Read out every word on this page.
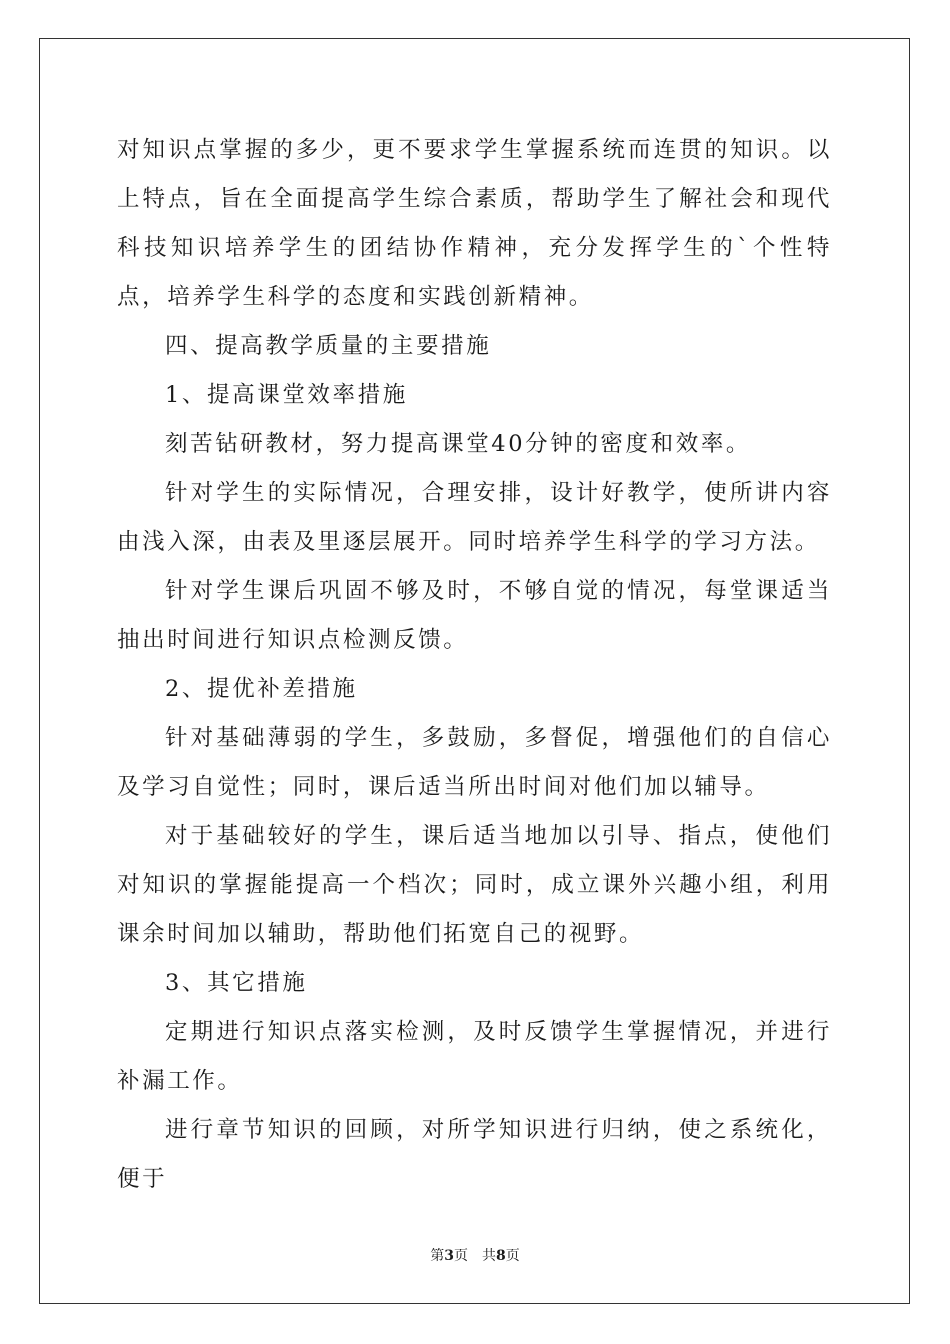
对知识点掌握的多少，更不要求学生掌握系统而连贯的知识。以上特点，旨在全面提高学生综合素质，帮助学生了解社会和现代科技知识培养学生的团结协作精神，充分发挥学生的`个性特点，培养学生科学的态度和实践创新精神。

四、提高教学质量的主要措施

1、提高课堂效率措施

刻苦钻研教材，努力提高课堂40分钟的密度和效率。

针对学生的实际情况，合理安排，设计好教学，使所讲内容由浅入深，由表及里逐层展开。同时培养学生科学的学习方法。

针对学生课后巩固不够及时，不够自觉的情况，每堂课适当抽出时间进行知识点检测反馈。

2、提优补差措施

针对基础薄弱的学生，多鼓励，多督促，增强他们的自信心及学习自觉性；同时，课后适当所出时间对他们加以辅导。

对于基础较好的学生，课后适当地加以引导、指点，使他们对知识的掌握能提高一个档次；同时，成立课外兴趣小组，利用课余时间加以辅助，帮助他们拓宽自己的视野。

3、其它措施

定期进行知识点落实检测，及时反馈学生掌握情况，并进行补漏工作。

进行章节知识的回顾，对所学知识进行归纳，使之系统化，便于

第3页 共8页
